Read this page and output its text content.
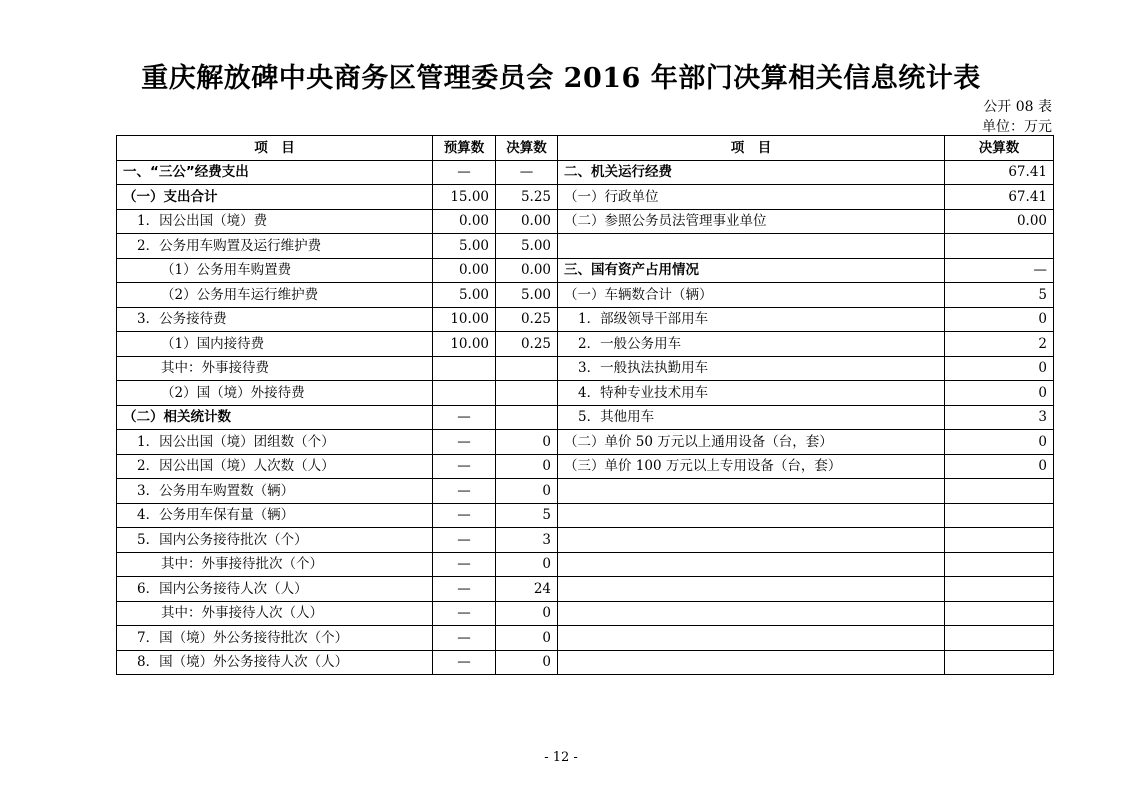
重庆解放碑中央商务区管理委员会 2016 年部门决算相关信息统计表
公开 08 表
单位：万元
项　目	预算数	决算数	项　目	决算数
一、“三公”经费支出	—	—	二、机关运行经费	67.41
（一）支出合计	15.00	5.25	（一）行政单位	67.41
1．因公出国（境）费	0.00	0.00	（二）参照公务员法管理事业单位	0.00
2．公务用车购置及运行维护费	5.00	5.00		
（1）公务用车购置费	0.00	0.00	三、国有资产占用情况	—
（2）公务用车运行维护费	5.00	5.00	（一）车辆数合计（辆）	5
3．公务接待费	10.00	0.25	1．部级领导干部用车	0
（1）国内接待费	10.00	0.25	2．一般公务用车	2
其中：外事接待费			3．一般执法执勤用车	0
（2）国（境）外接待费			4．特种专业技术用车	0
（二）相关统计数	—		5．其他用车	3
1．因公出国（境）团组数（个）	—	0	（二）单价 50 万元以上通用设备（台，套）	0
2．因公出国（境）人次数（人）	—	0	（三）单价 100 万元以上专用设备（台，套）	0
3．公务用车购置数（辆）	—	0		
4．公务用车保有量（辆）	—	5		
5．国内公务接待批次（个）	—	3		
其中：外事接待批次（个）	—	0		
6．国内公务接待人次（人）	—	24		
其中：外事接待人次（人）	—	0		
7．国（境）外公务接待批次（个）	—	0		
8．国（境）外公务接待人次（人）	—	0		
- 12 -
